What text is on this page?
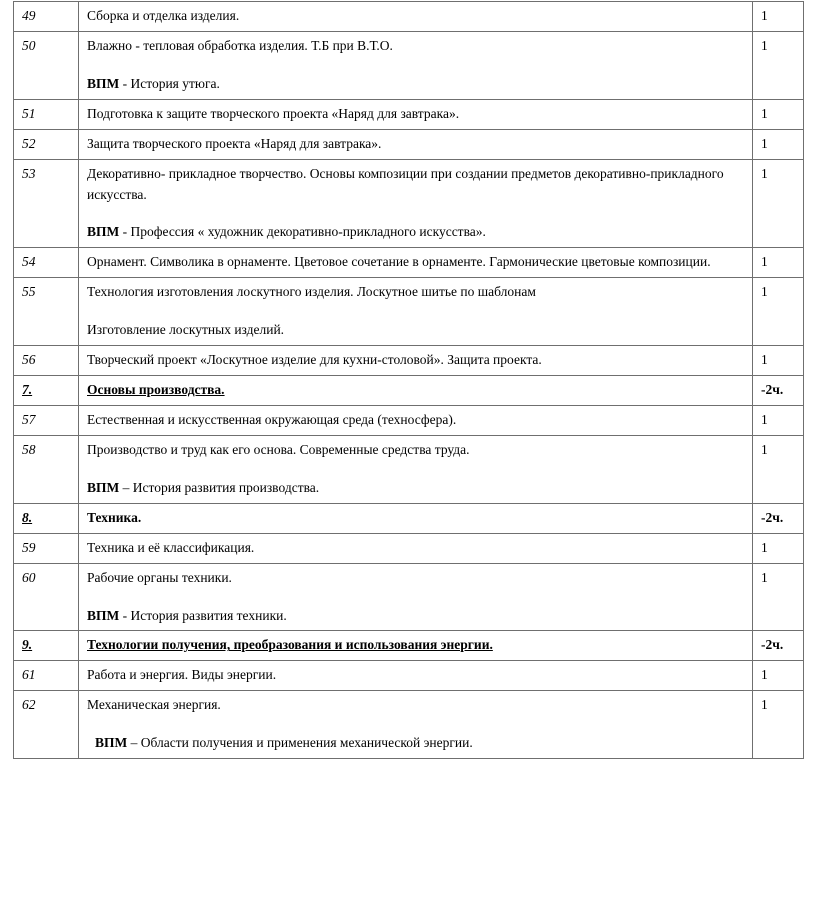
49	Сборка и отделка изделия.	1
50	Влажно - тепловая обработка изделия. Т.Б при В.Т.О.
ВПМ - История утюга.	1
51	Подготовка к защите творческого проекта «Наряд для завтрака».	1
52	Защита творческого проекта «Наряд для завтрака».	1
53	Декоративно- прикладное творчество. Основы композиции при создании предметов декоративно-прикладного искусства.
ВПМ - Профессия « художник декоративно-прикладного искусства».	1
54	Орнамент. Символика в орнаменте. Цветовое сочетание в орнаменте. Гармонические цветовые композиции.	1
55	Технология изготовления лоскутного изделия. Лоскутное шитье по шаблонам
Изготовление лоскутных изделий.	1
56	Творческий проект «Лоскутное изделие для кухни-столовой». Защита проекта.	1
7.	Основы производства.	-2ч.
57	Естественная и искусственная окружающая среда (техносфера).	1
58	Производство и труд как его основа. Современные средства труда.
ВПМ – История развития производства.	1
8.	Техника.	-2ч.
59	Техника и её классификация.	1
60	Рабочие органы техники.
ВПМ - История развития техники.	1
9.	Технологии получения, преобразования и использования энергии.	-2ч.
61	Работа и энергия. Виды энергии.	1
62	Механическая энергия.
ВПМ – Области получения и применения механической энергии.	1
